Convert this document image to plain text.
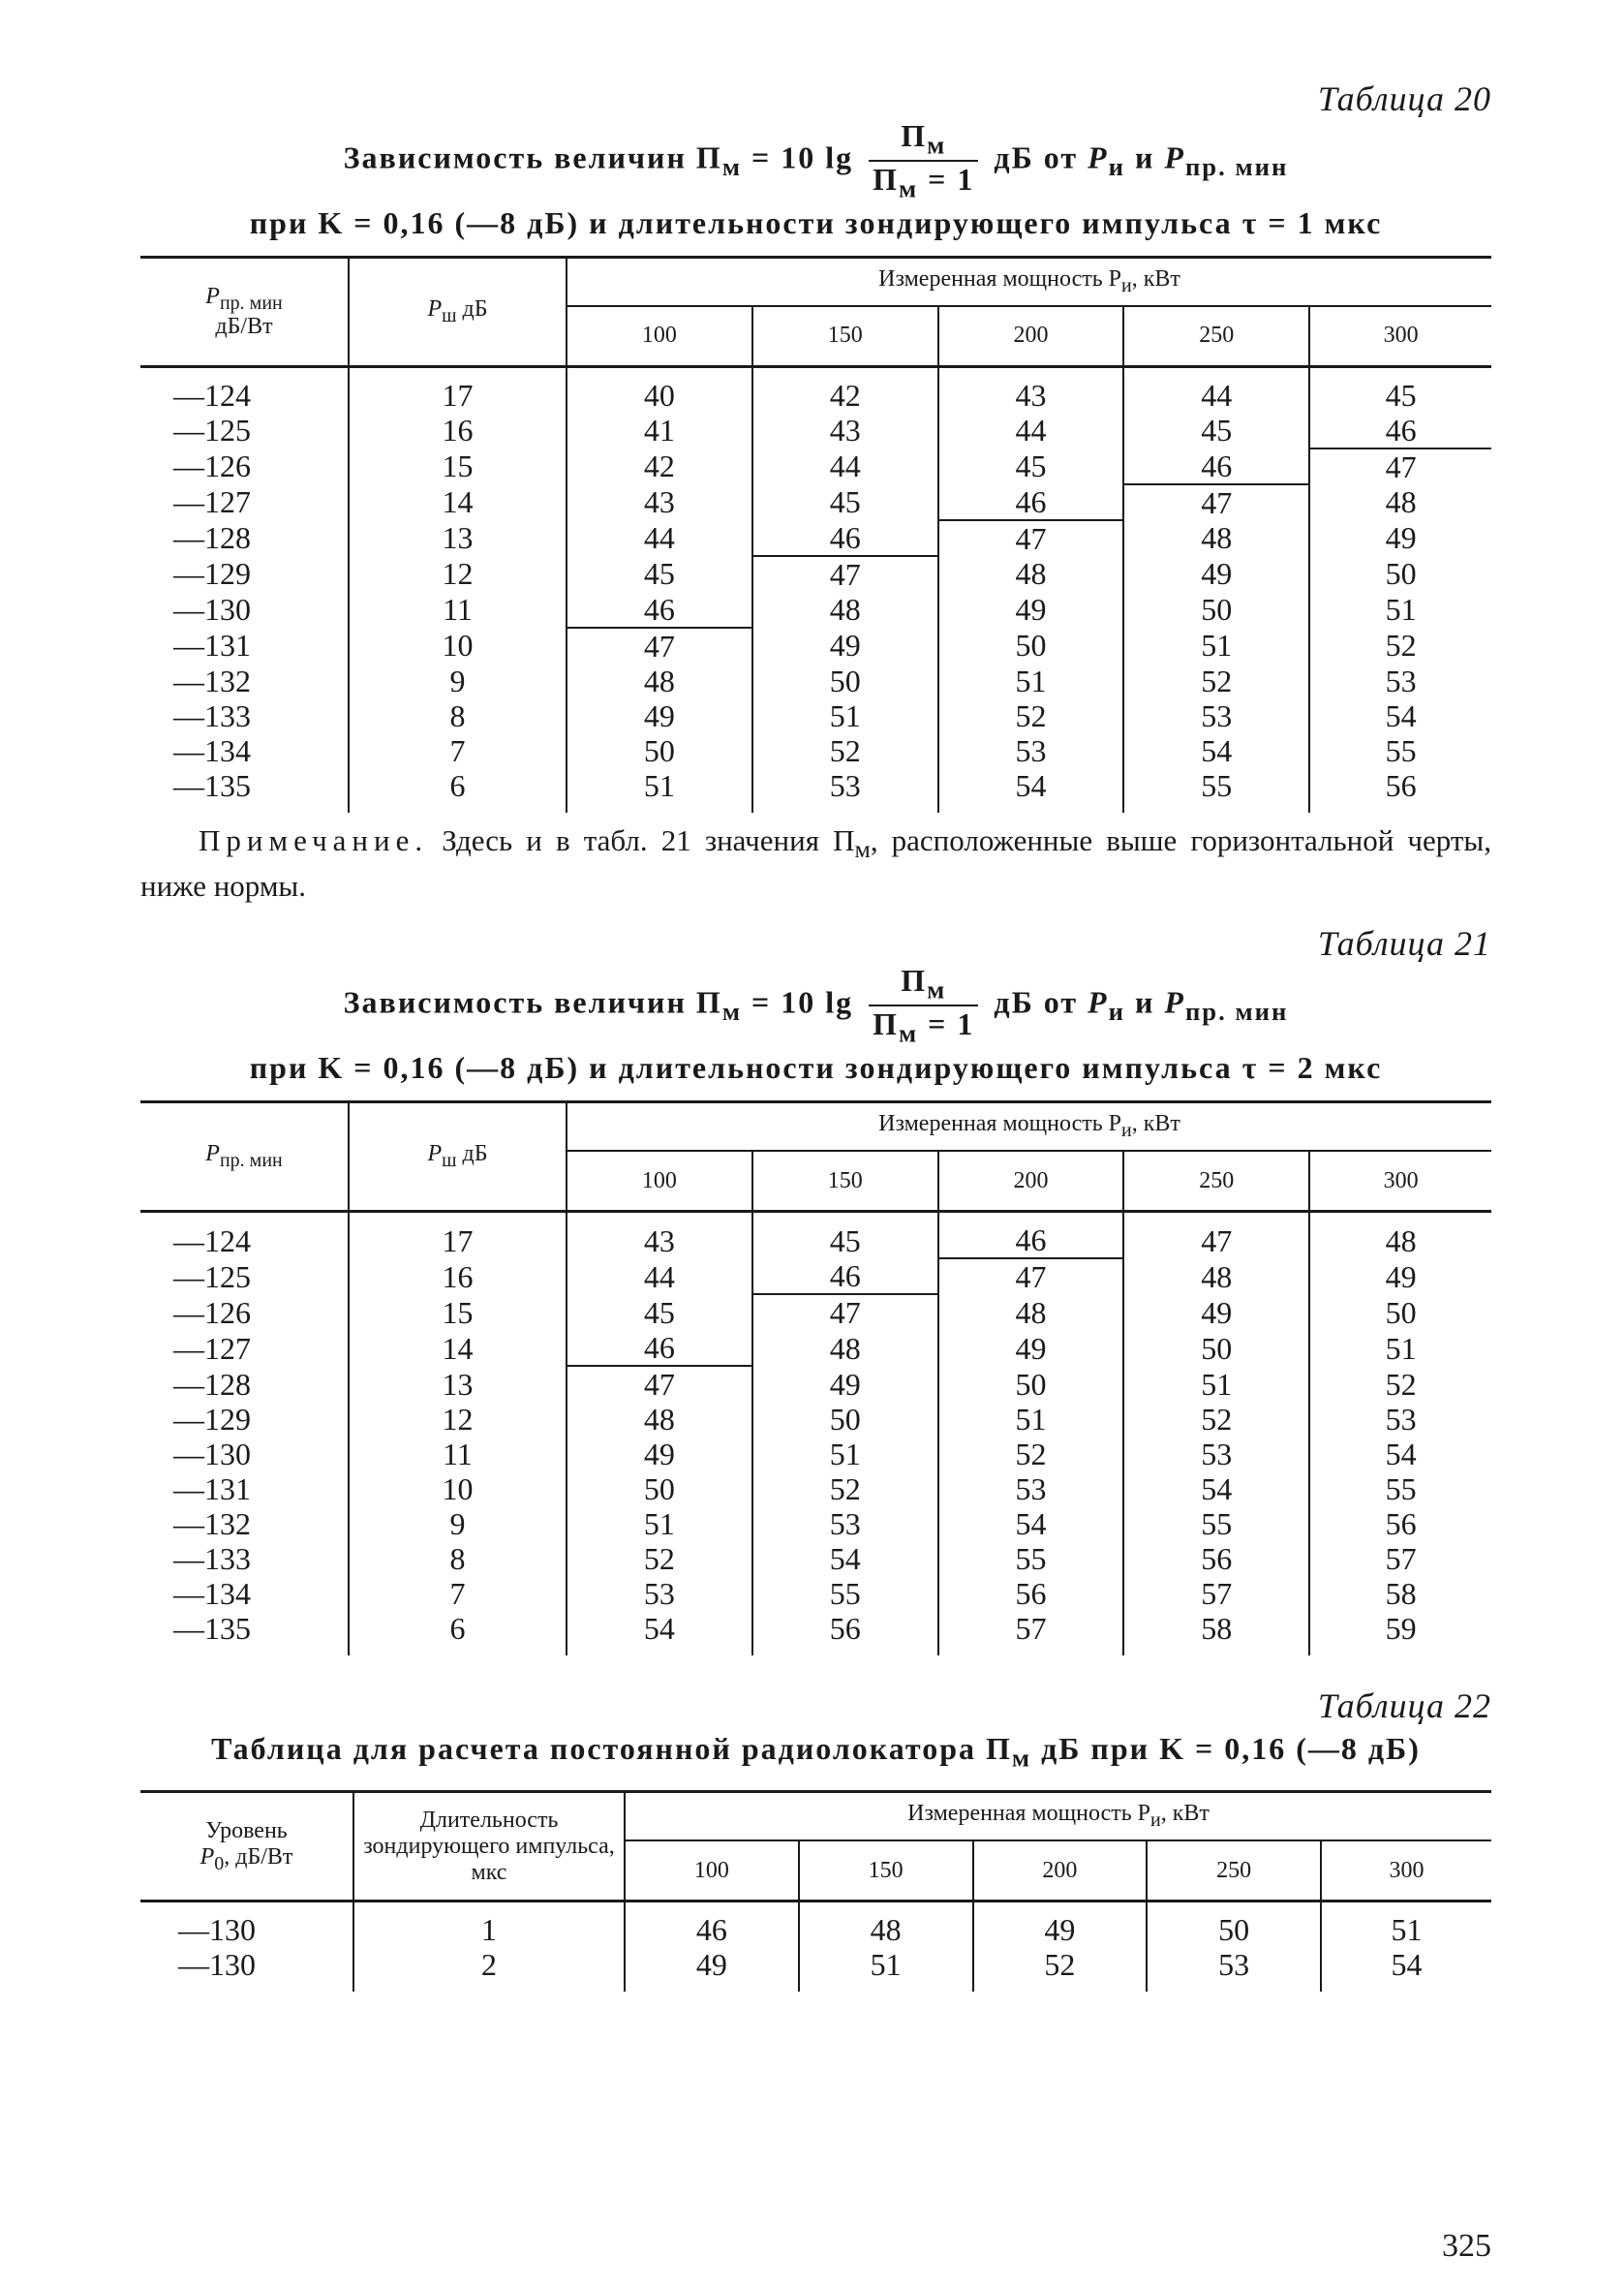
Таблица 20
Зависимость величин $П_м = 10$ $\lg \frac{П_м}{П_м = 1}$ дБ от $P_и$ и $P_{пр. мин}$
при K = 0,16 (—8 дБ) и длительности зондирующего импульса τ = 1 мкс
$P_{пр. мин}$
дБ/Вт	$P_ш$ дБ	Измеренная мощность $P_и$, кВт				
		100	150	200	250	300

—124	17	40	42	43	44	45
—125	16	41	43	44	45	46
—126	15	42	44	45	46	47
—127	14	43	45	46	47	48
—128	13	44	46	47	48	49
—129	12	45	47	48	49	50
—130	11	46	48	49	50	51
—131	10	47	49	50	51	52
—132	9	48	50	51	52	53
—133	8	49	51	52	53	54
—134	7	50	52	53	54	55
—135	6	51	53	54	55	56

Примечание. Здесь и в табл. 21 значения $П_м$, расположенные выше горизонтальной черты, ниже нормы.

Таблица 21
Зависимость величин $П_м = 10$ $\lg \frac{П_м}{П_м = 1}$ дБ от $P_и$ и $P_{пр. мин}$
при K = 0,16 (—8 дБ) и длительности зондирующего импульса τ = 2 мкс
$P_{пр. мин}$	$P_ш$ дБ	Измеренная мощность $P_и$, кВт				
		100	150	200	250	300

—124	17	43	45	46	47	48
—125	16	44	46	47	48	49
—126	15	45	47	48	49	50
—127	14	46	48	49	50	51
—128	13	47	49	50	51	52
—129	12	48	50	51	52	53
—130	11	49	51	52	53	54
—131	10	50	52	53	54	55
—132	9	51	53	54	55	56
—133	8	52	54	55	56	57
—134	7	53	55	56	57	58
—135	6	54	56	57	58	59

Таблица 22
Таблица для расчета постоянной радиолокатора $П_м$ дБ при K = 0,16 (—8 дБ)
Уровень
$P_0$, дБ/Вт	Длительность зондирующего импульса, мкс	Измеренная мощность $P_и$, кВт				
		100	150	200	250	300

—130	1	46	48	49	50	51
—130	2	49	51	52	53	54

325
